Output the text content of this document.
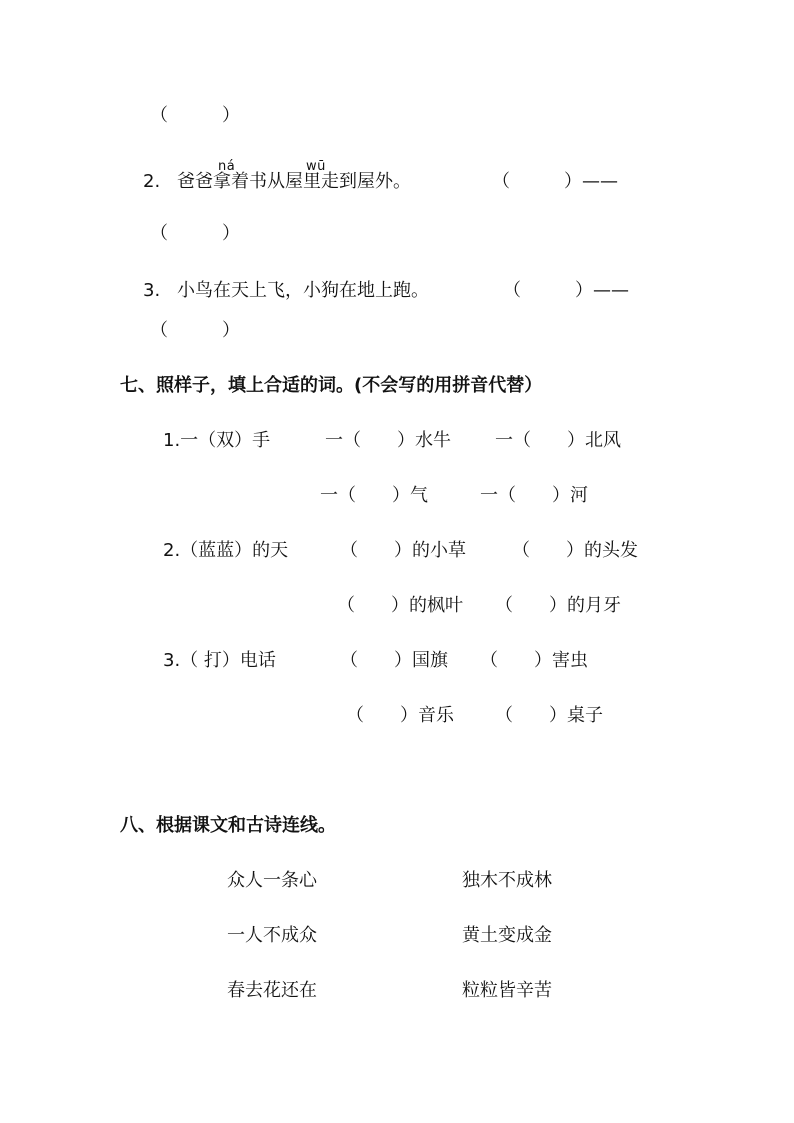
（　　　）
2. 爸爸拿着书从屋里走到屋外。
ná	wū
（　　　）——
（　　　）
3. 小鸟在天上飞，小狗在地上跑。	（　　　）——
（　　　）
七、照样子，填上合适的词。(不会写的用拼音代替）
1.一（双）手	一（　　）水牛 一（　　）北风
一（　　）气	一（　　）河
2.（蓝蓝）的天	（　　）的小草	（　　）的头发
（　　）的枫叶 （　　）的月牙
3.（ 打）电话	（　　）国旗 （　　）害虫
（　　）音乐 （　　）桌子
八、根据课文和古诗连线。
众人一条心	独木不成林
一人不成众	黄土变成金
春去花还在	粒粒皆辛苦
